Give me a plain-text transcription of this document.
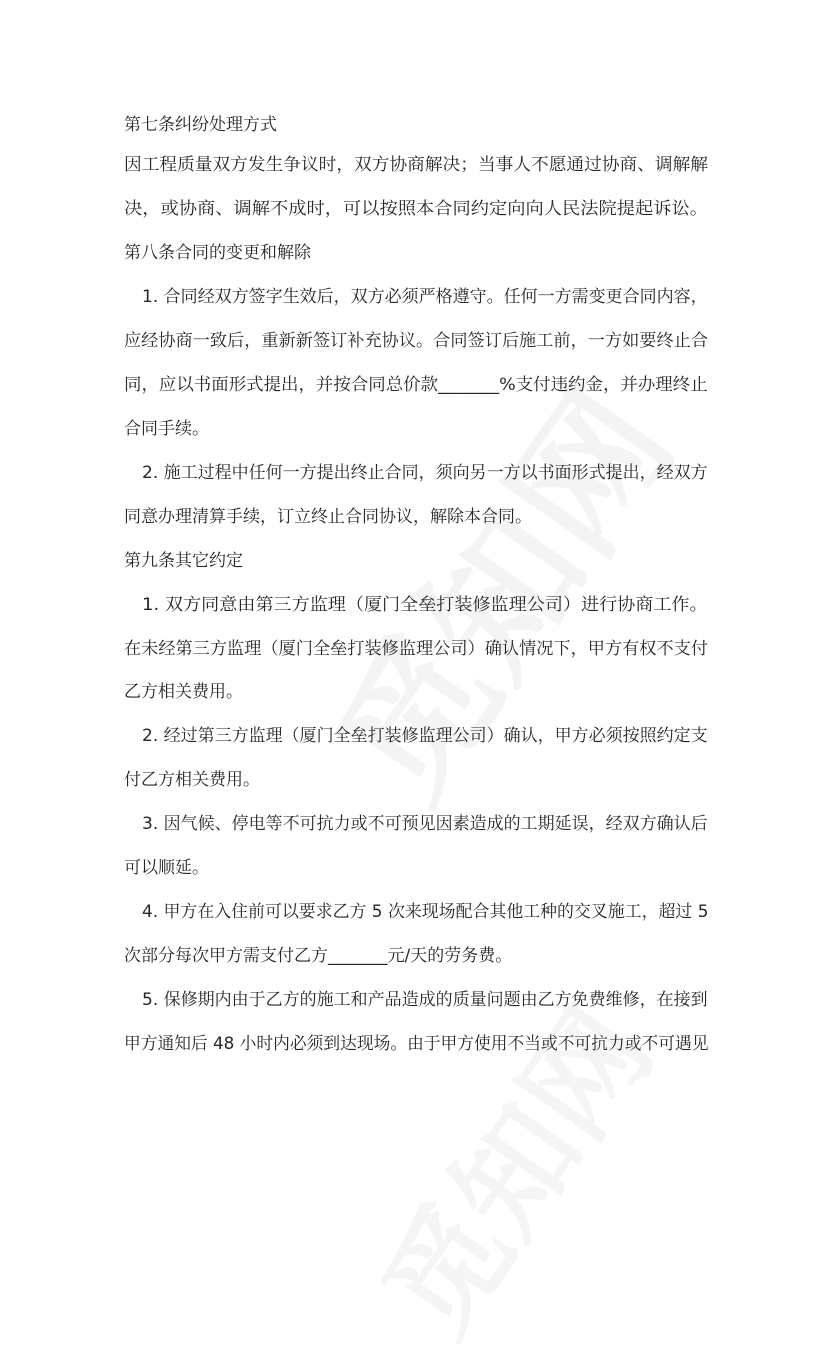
第七条纠纷处理方式
因工程质量双方发生争议时，双方协商解决；当事人不愿通过协商、调解解
决，或协商、调解不成时，可以按照本合同约定向向人民法院提起诉讼。
第八条合同的变更和解除
1. 合同经双方签字生效后，双方必须严格遵守。任何一方需变更合同内容，
应经协商一致后，重新新签订补充协议。合同签订后施工前，一方如要终止合
同，应以书面形式提出，并按合同总价款_______%支付违约金，并办理终止
合同手续。
2. 施工过程中任何一方提出终止合同，须向另一方以书面形式提出，经双方
同意办理清算手续，订立终止合同协议，解除本合同。
第九条其它约定
1. 双方同意由第三方监理（厦门全垒打装修监理公司）进行协商工作。
在未经第三方监理（厦门全垒打装修监理公司）确认情况下，甲方有权不支付
乙方相关费用。
2. 经过第三方监理（厦门全垒打装修监理公司）确认，甲方必须按照约定支
付乙方相关费用。
3. 因气候、停电等不可抗力或不可预见因素造成的工期延误，经双方确认后
可以顺延。
4. 甲方在入住前可以要求乙方 5 次来现场配合其他工种的交叉施工，超过 5
次部分每次甲方需支付乙方_______元/天的劳务费。
5. 保修期内由于乙方的施工和产品造成的质量问题由乙方免费维修，在接到
甲方通知后 48 小时内必须到达现场。由于甲方使用不当或不可抗力或不可遇见
